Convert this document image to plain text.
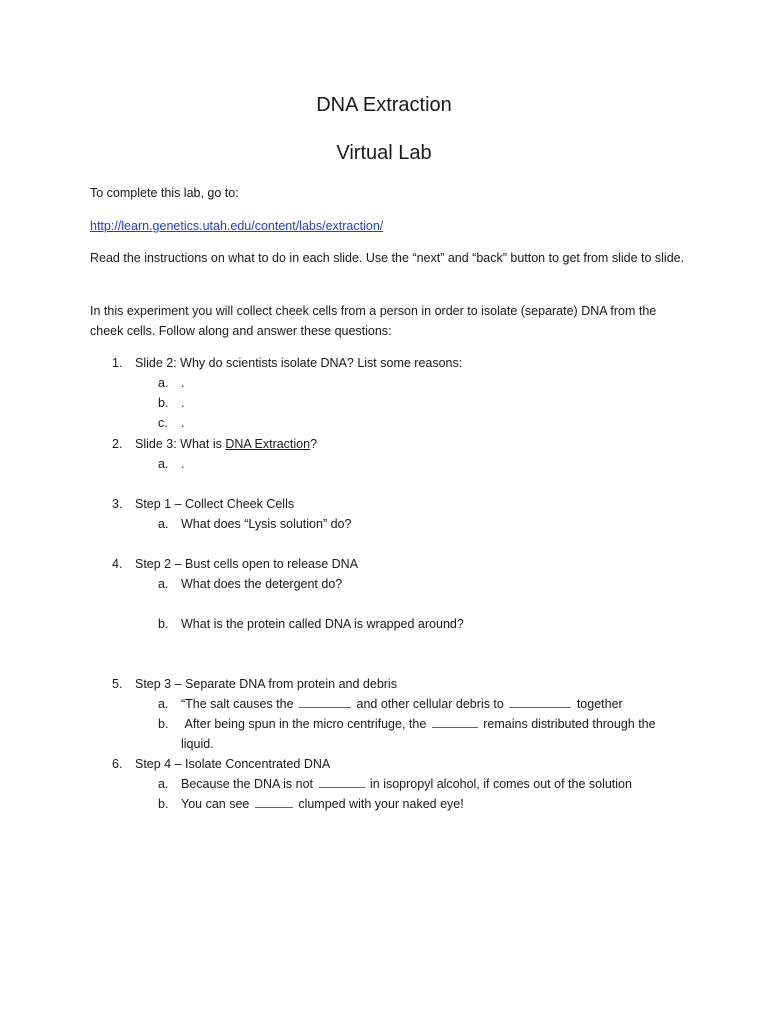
DNA Extraction
Virtual Lab
To complete this lab, go to:
http://learn.genetics.utah.edu/content/labs/extraction/
Read the instructions on what to do in each slide. Use the “next” and “back” button to get from slide to slide.
In this experiment you will collect cheek cells from a person in order to isolate (separate) DNA from the cheek cells. Follow along and answer these questions:
1. Slide 2: Why do scientists isolate DNA? List some reasons:
a. .
b. .
c. .
2. Slide 3: What is DNA Extraction?
a. .
3. Step 1 – Collect Cheek Cells
a. What does “Lysis solution” do?
4. Step 2 – Bust cells open to release DNA
a. What does the detergent do?
b. What is the protein called DNA is wrapped around?
5. Step 3 – Separate DNA from protein and debris
a. “The salt causes the	and other cellular debris to	together
b. After being spun in the micro centrifuge, the	remains distributed through the
liquid.
6. Step 4 – Isolate Concentrated DNA
a. Because the DNA is not	in isopropyl alcohol, if comes out of the solution
b. You can see	clumped with your naked eye!
